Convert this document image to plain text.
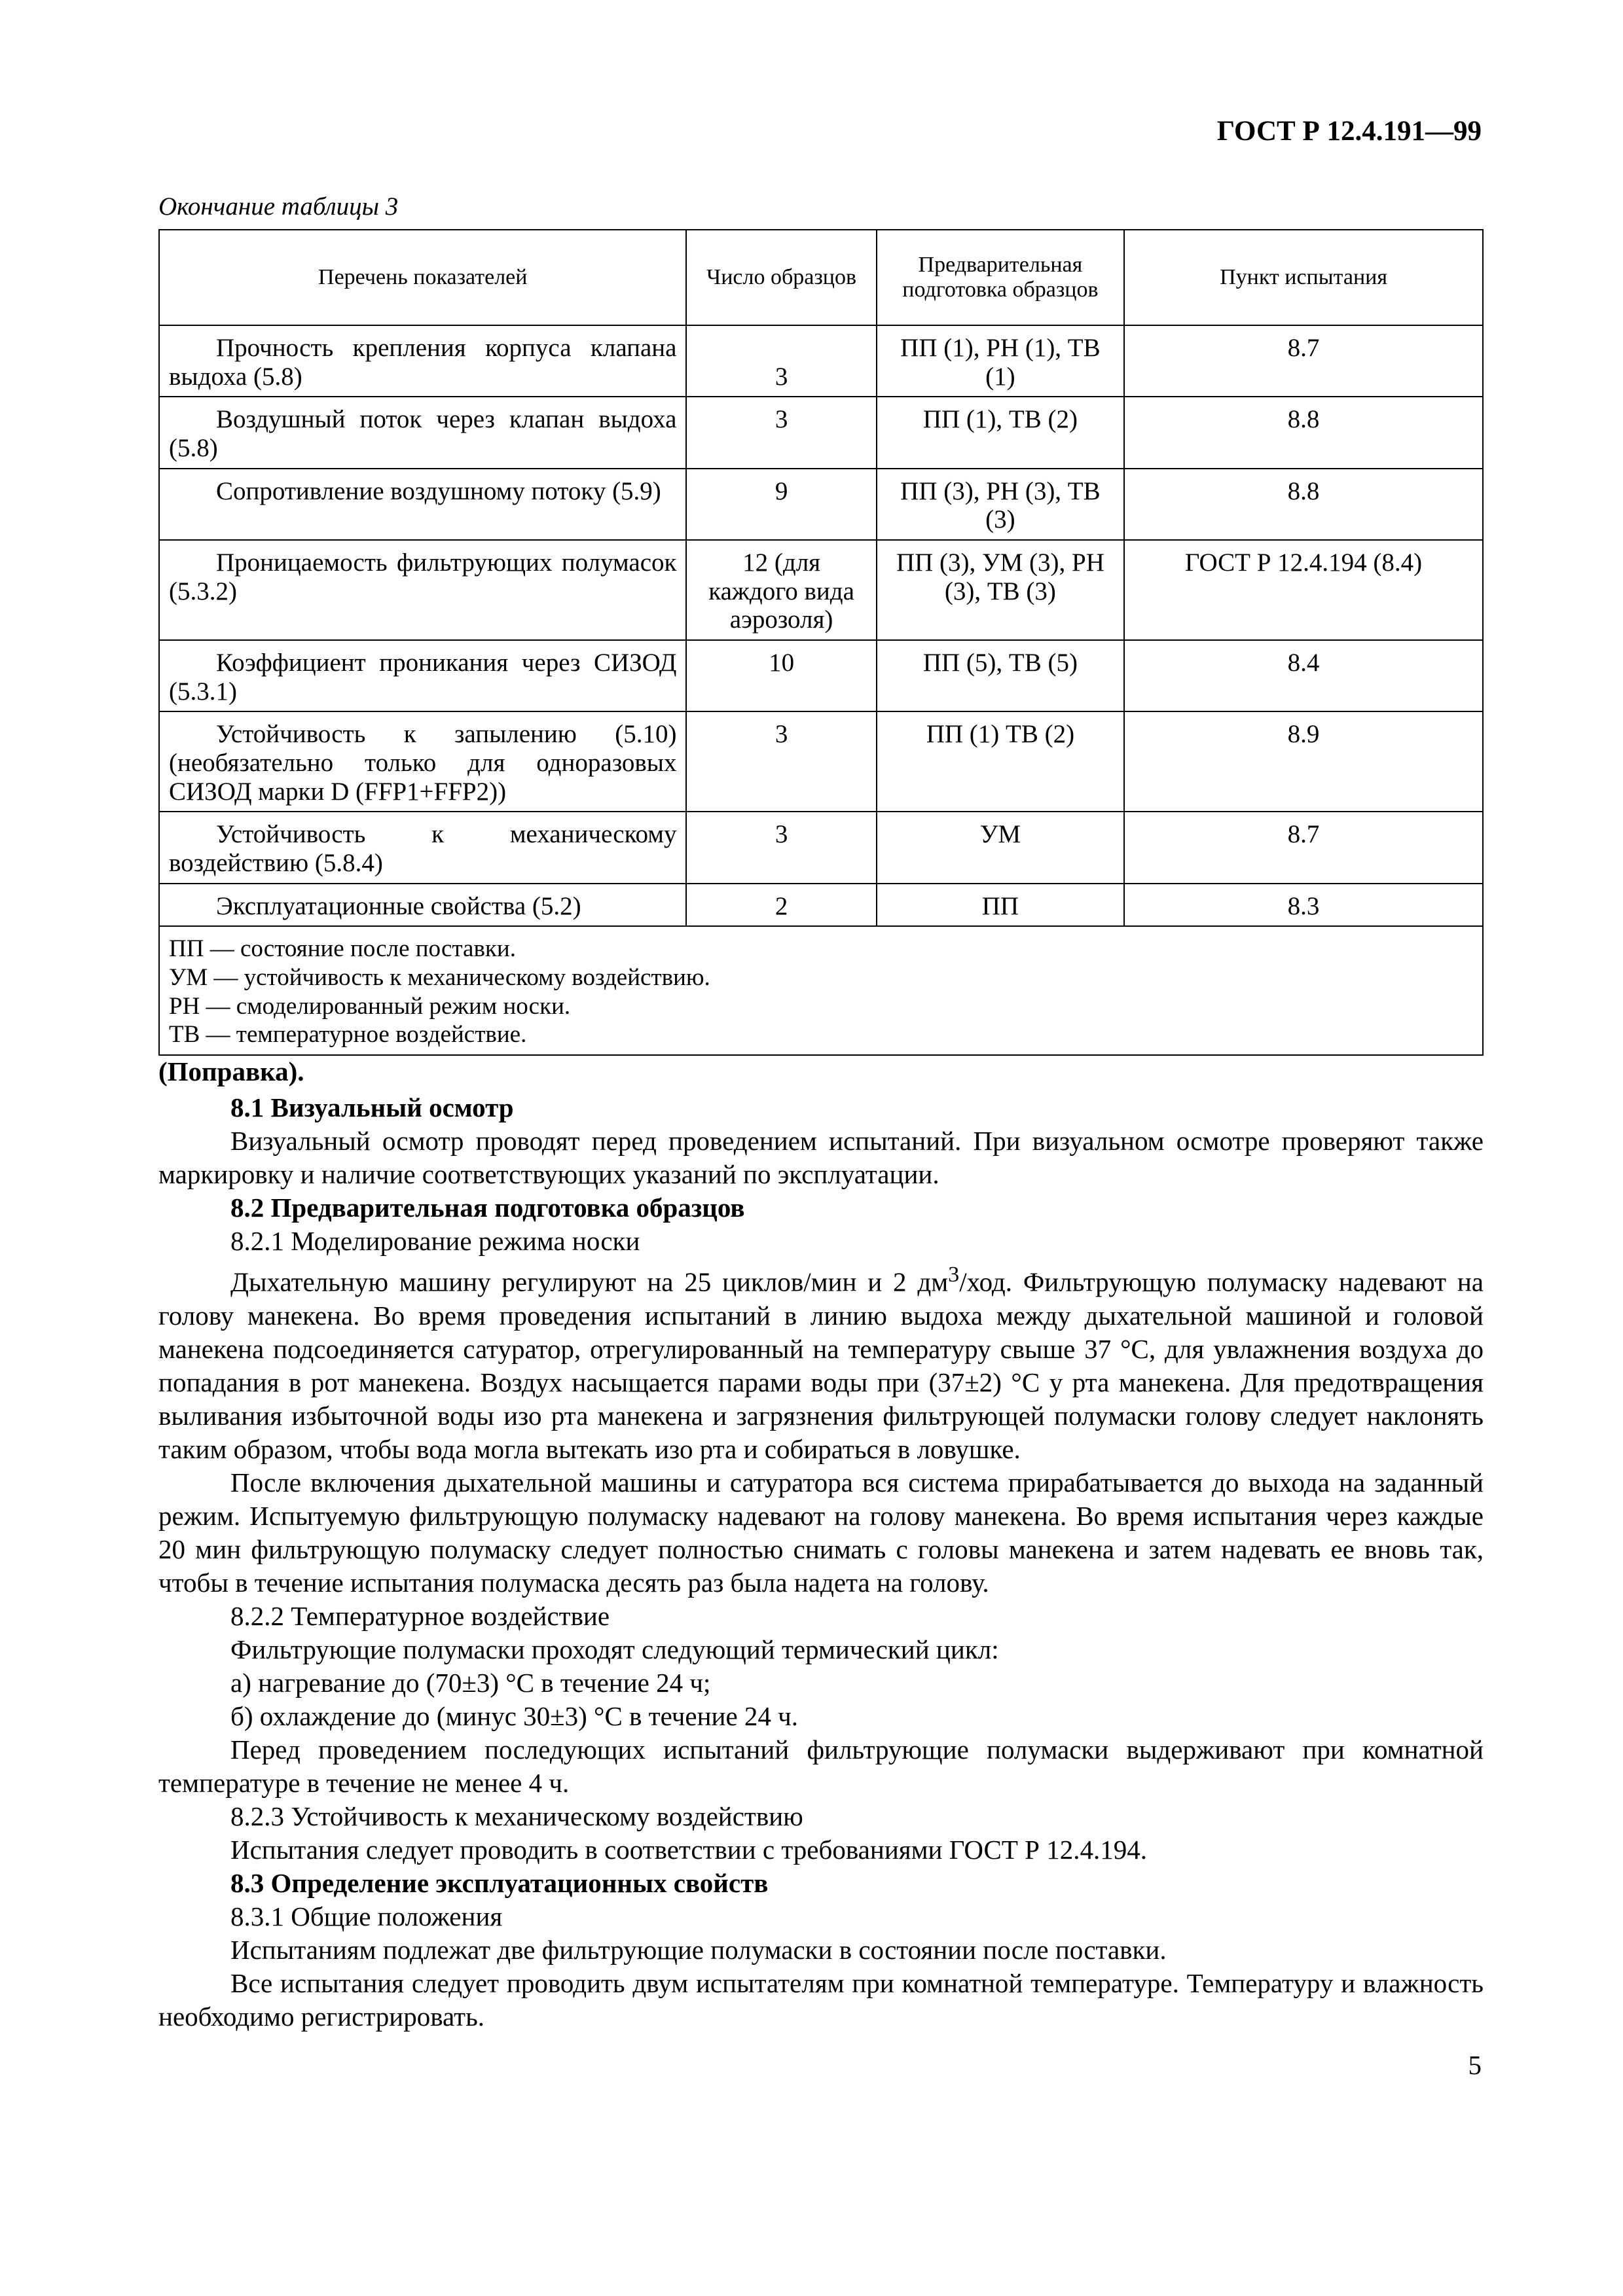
ГОСТ Р 12.4.191—99
Окончание таблицы 3
Перечень показателей	Число образцов	Предварительная подготовка образцов	Пункт испытания

Прочность крепления корпуса клапана выдоха (5.8)	3	ПП (1), РН (1), ТВ (1)	8.7

Воздушный поток через клапан выдоха (5.8)	3	ПП (1), ТВ (2)	8.8

Сопротивление воздушному потоку (5.9)	9	ПП (3), РН (3), ТВ (3)	8.8

Проницаемость фильтрующих полумасок (5.3.2)	12 (для каждого вида аэрозоля)	ПП (3), УМ (3), РН (3), ТВ (3)	ГОСТ Р 12.4.194 (8.4)

Коэффициент проникания через СИЗОД (5.3.1)	10	ПП (5), ТВ (5)	8.4

Устойчивость к запылению (5.10) (необязательно только для одноразовых СИЗОД марки D (FFP1+FFP2))	3	ПП (1) ТВ (2)	8.9

Устойчивость к механическому воздействию (5.8.4)	3	УМ	8.7

Эксплуатационные свойства (5.2)	2	ПП	8.3

ПП — состояние после поставки.
УМ — устойчивость к механическому воздействию.
РН — смоделированный режим носки.
ТВ — температурное воздействие.			

(Поправка).

8.1 Визуальный осмотр

Визуальный осмотр проводят перед проведением испытаний. При визуальном осмотре проверяют также маркировку и наличие соответствующих указаний по эксплуатации.

8.2 Предварительная подготовка образцов

8.2.1 Моделирование режима носки

Дыхательную машину регулируют на 25 циклов/мин и 2 $дм^3$/ход. Фильтрующую полумаску надевают на голову манекена. Во время проведения испытаний в линию выдоха между дыхательной машиной и головой манекена подсоединяется сатуратор, отрегулированный на температуру свыше 37 °С, для увлажнения воздуха до попадания в рот манекена. Воздух насыщается парами воды при (37±2) °С у рта манекена. Для предотвращения выливания избыточной воды изо рта манекена и загрязнения фильтрующей полумаски голову следует наклонять таким образом, чтобы вода могла вытекать изо рта и собираться в ловушке.

После включения дыхательной машины и сатуратора вся система прирабатывается до выхода на заданный режим. Испытуемую фильтрующую полумаску надевают на голову манекена. Во время испытания через каждые 20 мин фильтрующую полумаску следует полностью снимать с головы манекена и затем надевать ее вновь так, чтобы в течение испытания полумаска десять раз была надета на голову.

8.2.2 Температурное воздействие

Фильтрующие полумаски проходят следующий термический цикл:

а) нагревание до (70±3) °С в течение 24 ч;

б) охлаждение до (минус 30±3) °С в течение 24 ч.

Перед проведением последующих испытаний фильтрующие полумаски выдерживают при комнатной температуре в течение не менее 4 ч.

8.2.3 Устойчивость к механическому воздействию

Испытания следует проводить в соответствии с требованиями ГОСТ Р 12.4.194.

8.3 Определение эксплуатационных свойств

8.3.1 Общие положения

Испытаниям подлежат две фильтрующие полумаски в состоянии после поставки.

Все испытания следует проводить двум испытателям при комнатной температуре. Температуру и влажность необходимо регистрировать.

5
